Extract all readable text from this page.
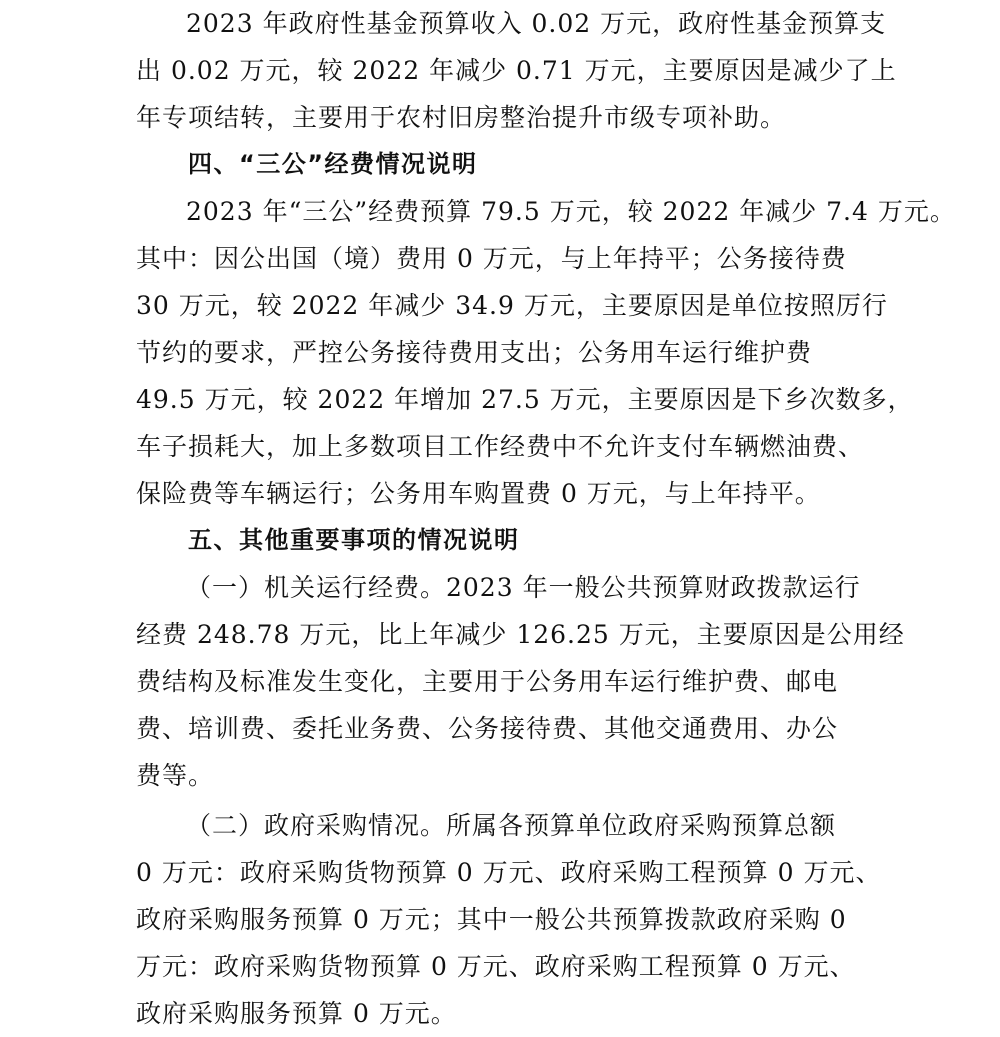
2023 年政府性基金预算收入 0.02 万元，政府性基金预算支
出 0.02 万元，较 2022 年减少 0.71 万元，主要原因是减少了上
年专项结转，主要用于农村旧房整治提升市级专项补助。
四、“三公”经费情况说明
2023 年“三公”经费预算 79.5 万元，较 2022 年减少 7.4 万元。
其中：因公出国（境）费用 0 万元，与上年持平；公务接待费
30 万元，较 2022 年减少 34.9 万元，主要原因是单位按照厉行
节约的要求，严控公务接待费用支出；公务用车运行维护费
49.5 万元，较 2022 年增加 27.5 万元，主要原因是下乡次数多，
车子损耗大，加上多数项目工作经费中不允许支付车辆燃油费、
保险费等车辆运行；公务用车购置费 0 万元，与上年持平。
五、其他重要事项的情况说明
（一）机关运行经费。2023 年一般公共预算财政拨款运行
经费 248.78 万元，比上年减少 126.25 万元，主要原因是公用经
费结构及标准发生变化，主要用于公务用车运行维护费、邮电
费、培训费、委托业务费、公务接待费、其他交通费用、办公
费等。
（二）政府采购情况。所属各预算单位政府采购预算总额
0 万元：政府采购货物预算 0 万元、政府采购工程预算 0 万元、
政府采购服务预算 0 万元；其中一般公共预算拨款政府采购 0
万元：政府采购货物预算 0 万元、政府采购工程预算 0 万元、
政府采购服务预算 0 万元。
